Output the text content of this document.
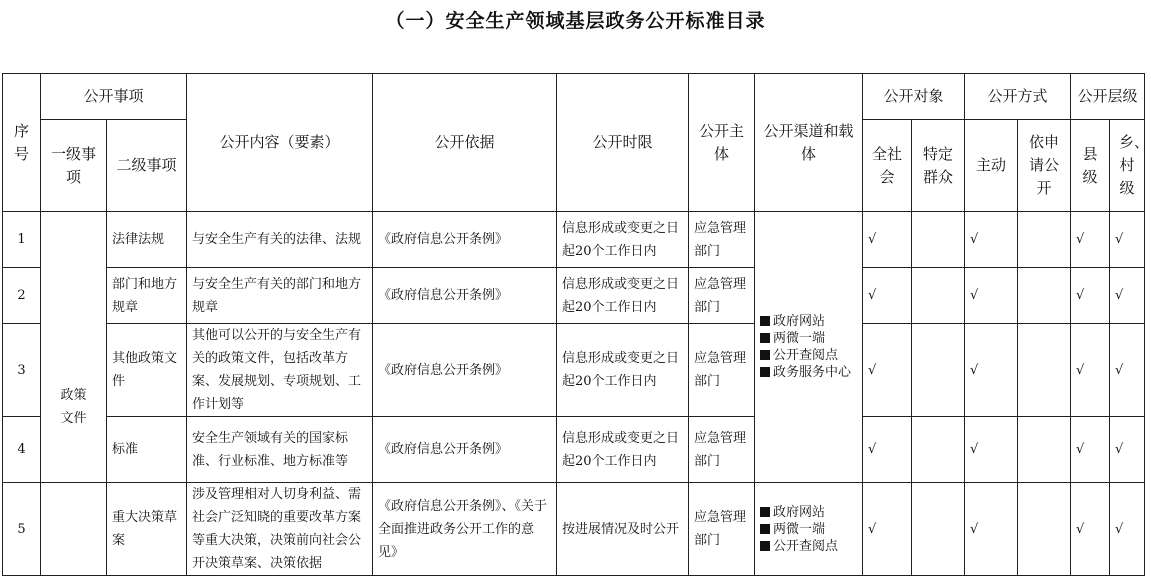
（一）安全生产领域基层政务公开标准目录
序号	公开事项		公开内容（要素）	公开依据	公开时限	公开主体	公开渠道和载体	公开对象		公开方式		公开层级	
	一级事项	二级事项						全社会	特定群众	主动	依申请公开	县级	乡、村级
1	政策文件	法律法规	与安全生产有关的法律、法规	《政府信息公开条例》	信息形成或变更之日起20个工作日内	应急管理部门	政府网站
两微一端
公开查阅点
政务服务中心	√		√		√	√
2		部门和地方规章	与安全生产有关的部门和地方规章	《政府信息公开条例》	信息形成或变更之日起20个工作日内	应急管理部门		√		√		√	√
3		其他政策文件	其他可以公开的与安全生产有关的政策文件，包括改革方案、发展规划、专项规划、工作计划等	《政府信息公开条例》	信息形成或变更之日起20个工作日内	应急管理部门		√		√		√	√
4		标准	安全生产领域有关的国家标准、行业标准、地方标准等	《政府信息公开条例》	信息形成或变更之日起20个工作日内	应急管理部门		√		√		√	√
5		重大决策草案	涉及管理相对人切身利益、需社会广泛知晓的重要改革方案等重大决策，决策前向社会公开决策草案、决策依据	《政府信息公开条例》、《关于全面推进政务公开工作的意见》	按进展情况及时公开	应急管理部门	政府网站
两微一端
公开查阅点	√		√		√	√
